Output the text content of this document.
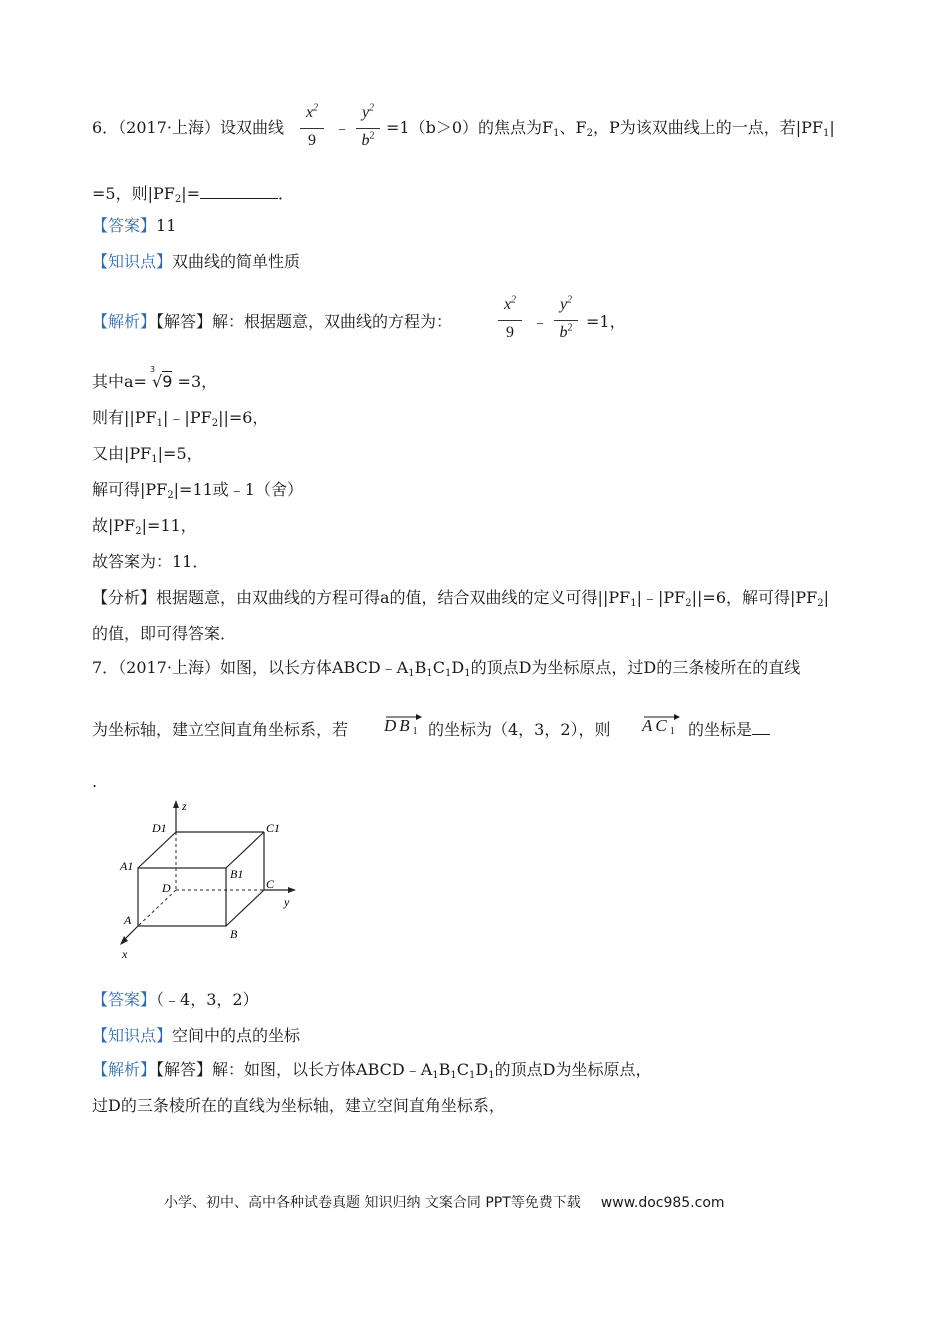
6．（2017·上海）设双曲线
$x^2$
9
﹣
$y^2$
$b^2 =1(b>0)$的焦点为$F_1$、$F_2$，P为该双曲线上的一点，若$|PF_1|$
=5，则$|PF_2|=$	．
【答案】11
【知识点】双曲线的简单性质
【解析】【解答】解：根据题意，双曲线的方程为：
$x^2$
9
﹣
$y^2$
$b^2 =1$，
其中a=
3
√9 =3，
则有$||PF_1|﹣|PF_2||=6$，
又由$|PF_1|=5$，
解可得$|PF_2|=11$或﹣1（舍）
故$|PF_2|=11$，
故答案为：11．
【分析】根据题意，由双曲线的方程可得a的值，结合双曲线的定义可得$||PF_1|﹣|PF_2||=6$，解可得$|PF_2|$
的值，即可得答案．
7．（2017·上海）如图，以长方体$ABCD﹣A_1B_1C_1D_1$的顶点D为坐标原点，过D的三条棱所在的直线
为坐标轴，建立空间直角坐标系，若 $DB_1$ 的坐标为（4，3，2），则 $AC_1$ 的坐标是
.
z
D1	C1
A1
B1
D	C
y
A
B
x
【答案】（﹣4，3，2）
【知识点】空间中的点的坐标
【解析】【解答】解：如图，以长方体$ABCD﹣A_1B_1C_1D_1$的顶点D为坐标原点，
过D的三条棱所在的直线为坐标轴，建立空间直角坐标系，
小学、初中、高中各种试卷真题 知识归纳 文案合同 PPT等免费下载 www.doc985.com
